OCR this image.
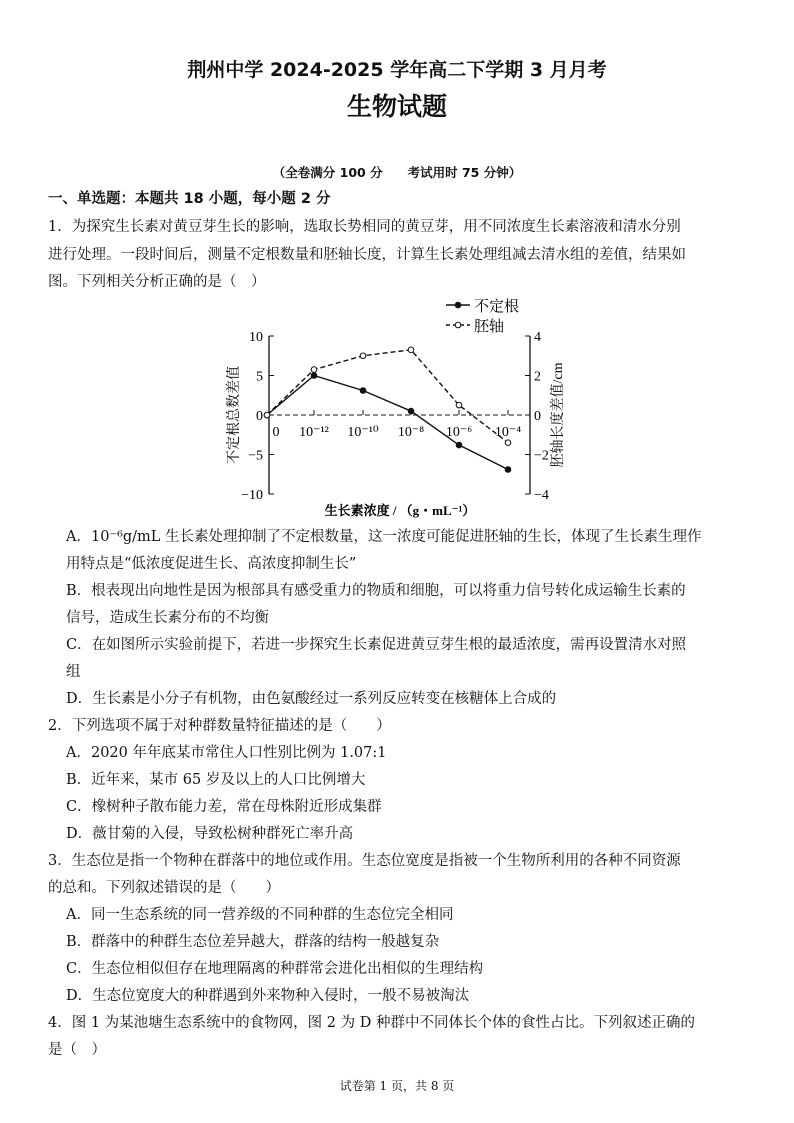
荆州中学 2024-2025 学年高二下学期 3 月月考
生物试题
（全卷满分 100 分　　考试用时 75 分钟）
一、单选题：本题共 18 小题，每小题 2 分
1．为探究生长素对黄豆芽生长的影响，选取长势相同的黄豆芽，用不同浓度生长素溶液和清水分别
进行处理。一段时间后，测量不定根数量和胚轴长度，计算生长素处理组减去清水组的差值，结果如
图。下列相关分析正确的是（　）
10	4
5	2
0	0
−5	−2
−10	−4
0 10⁻¹² 10⁻¹⁰ 10⁻⁸ 10⁻⁶ 10⁻⁴
生长素浓度 / （g・mL⁻¹）
不定根总数差值	胚轴长度差值/cm
不定根
胚轴
A．10⁻⁶g/mL 生长素处理抑制了不定根数量，这一浓度可能促进胚轴的生长，体现了生长素生理作
用特点是“低浓度促进生长、高浓度抑制生长”
B．根表现出向地性是因为根部具有感受重力的物质和细胞，可以将重力信号转化成运输生长素的
信号，造成生长素分布的不均衡
C．在如图所示实验前提下，若进一步探究生长素促进黄豆芽生根的最适浓度，需再设置清水对照
组
D．生长素是小分子有机物，由色氨酸经过一系列反应转变在核糖体上合成的
2．下列选项不属于对种群数量特征描述的是（　　）
A．2020 年年底某市常住人口性别比例为 1.07:1
B．近年来，某市 65 岁及以上的人口比例增大
C．橡树种子散布能力差，常在母株附近形成集群
D．薇甘菊的入侵，导致松树种群死亡率升高
3．生态位是指一个物种在群落中的地位或作用。生态位宽度是指被一个生物所利用的各种不同资源
的总和。下列叙述错误的是（　　）
A．同一生态系统的同一营养级的不同种群的生态位完全相同
B．群落中的种群生态位差异越大，群落的结构一般越复杂
C．生态位相似但存在地理隔离的种群常会进化出相似的生理结构
D．生态位宽度大的种群遇到外来物种入侵时，一般不易被淘汰
4．图 1 为某池塘生态系统中的食物网，图 2 为 D 种群中不同体长个体的食性占比。下列叙述正确的
是（　）
试卷第 1 页，共 8 页
